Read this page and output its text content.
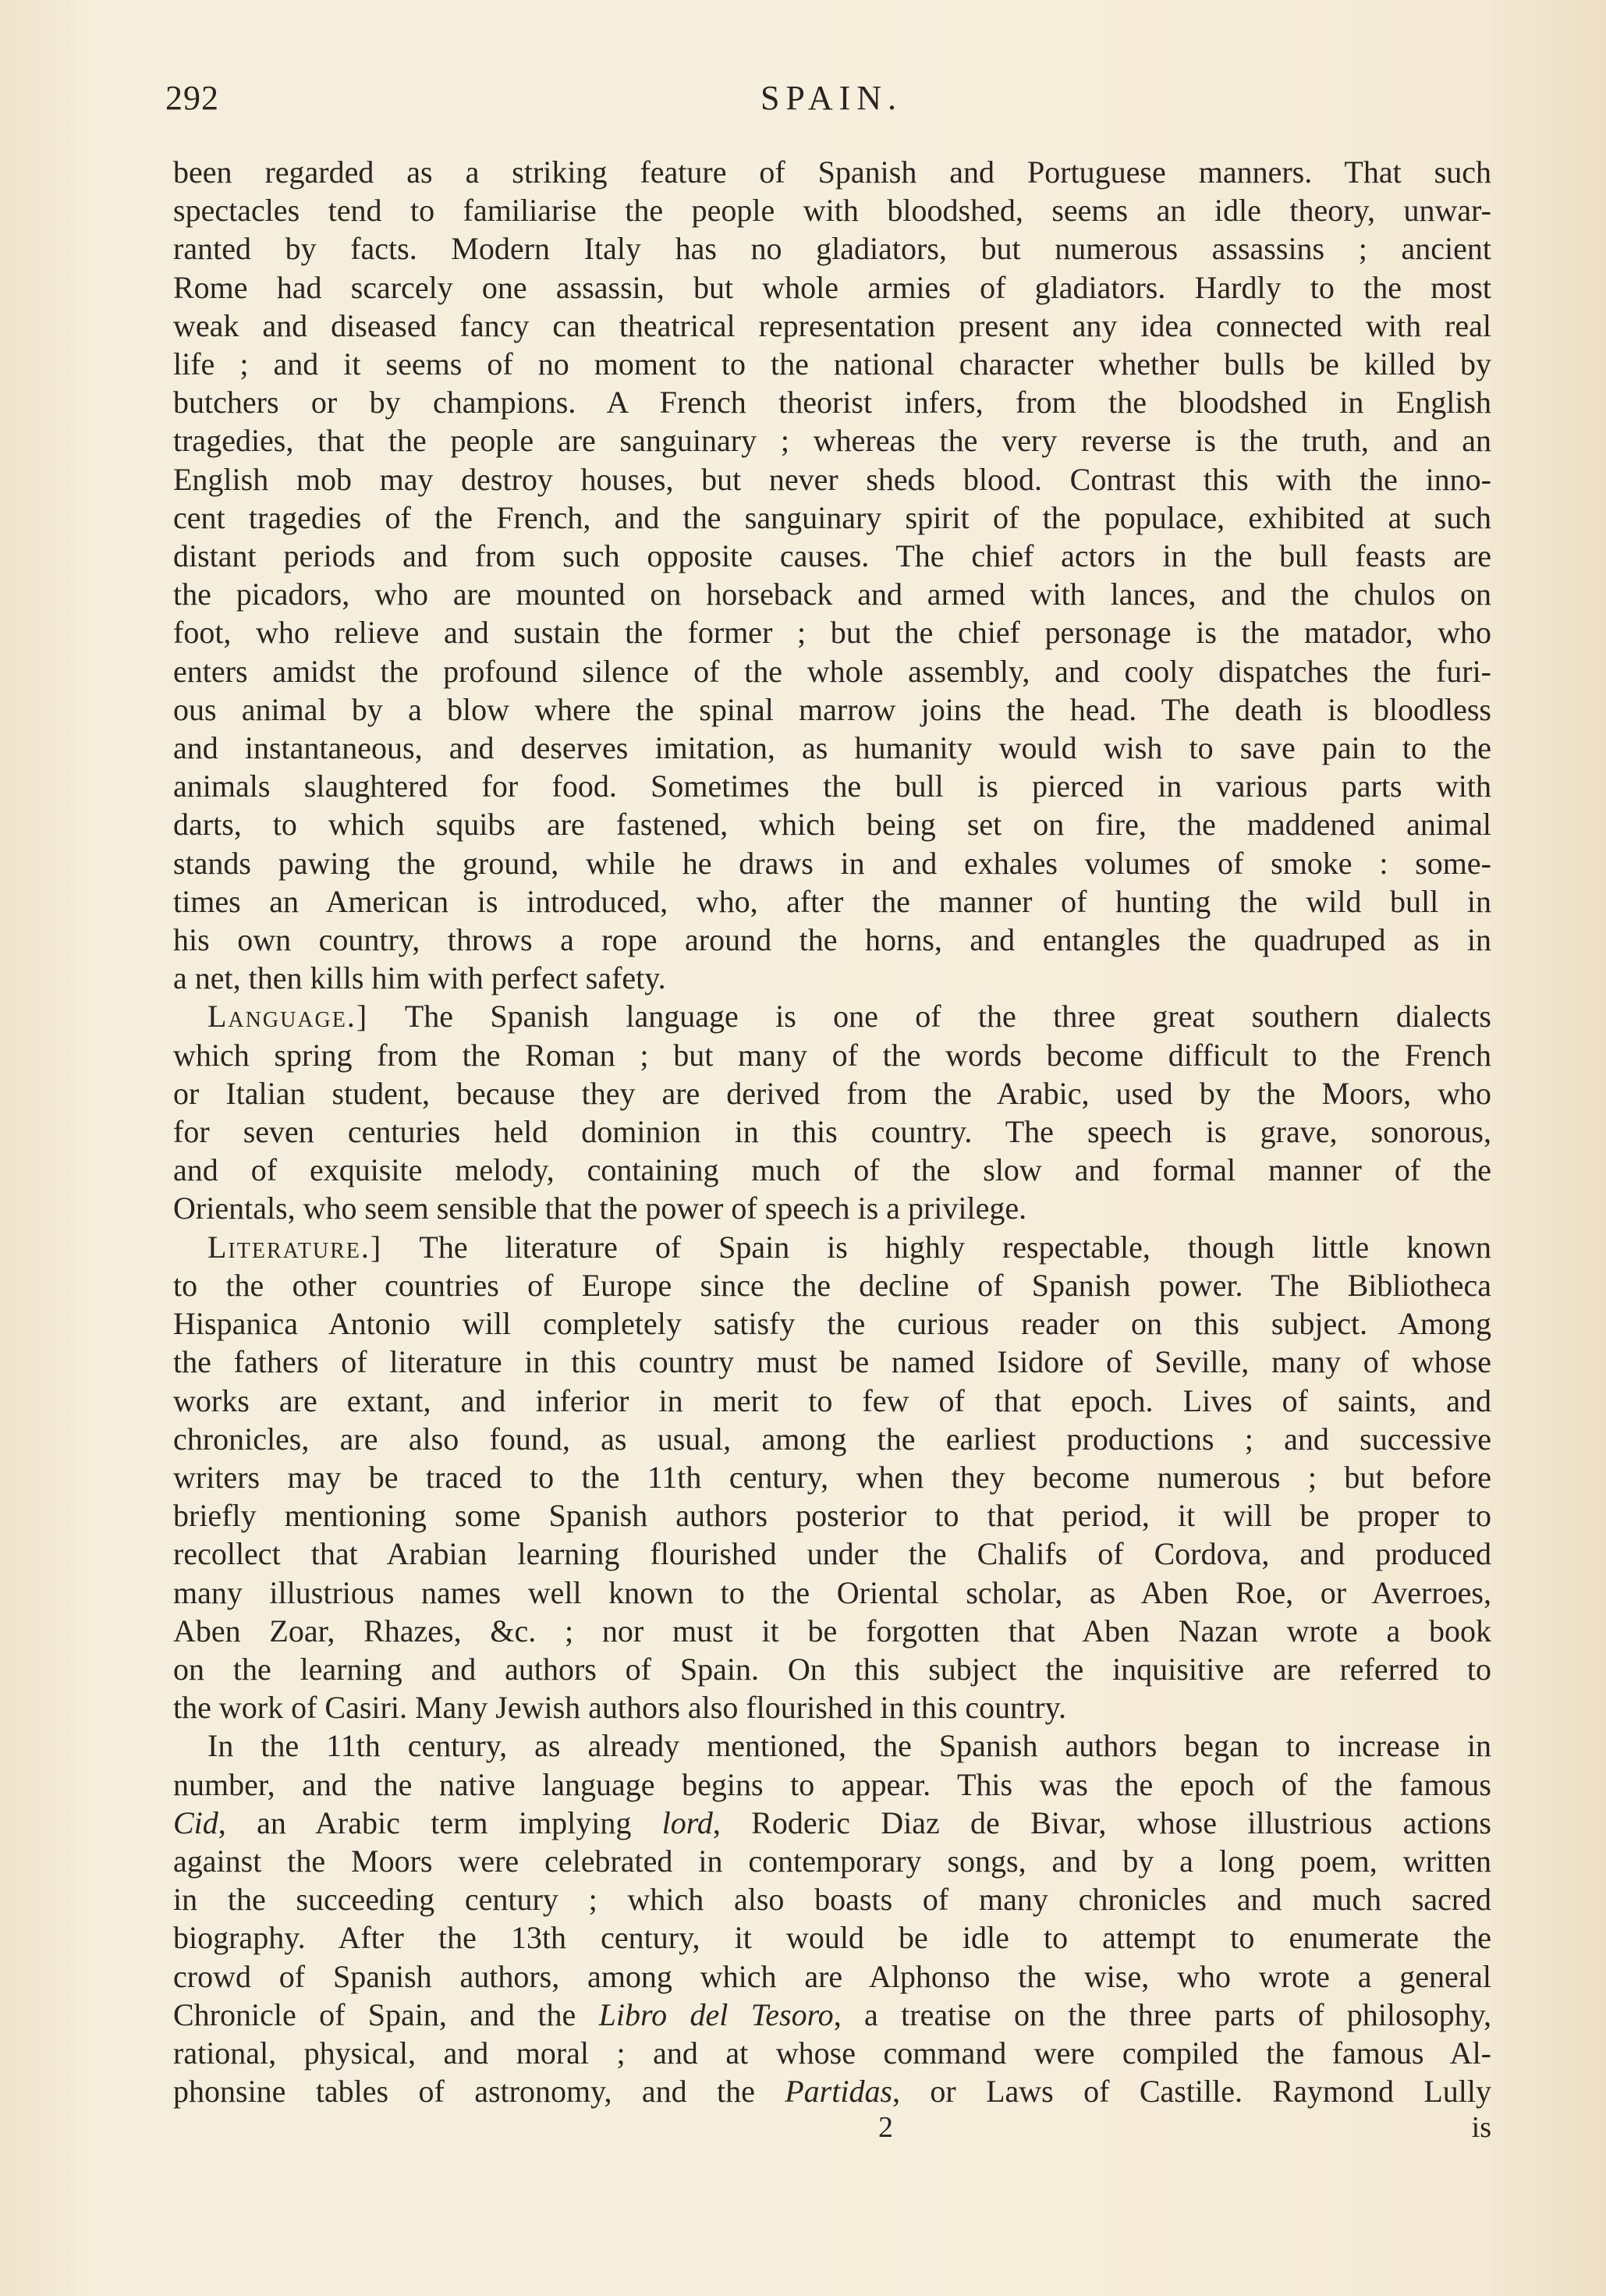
292	SPAIN.

been regarded as a striking feature of Spanish and Portuguese manners. That such

spectacles tend to familiarise the people with bloodshed, seems an idle theory, unwar-

ranted by facts. Modern Italy has no gladiators, but numerous assassins ; ancient

Rome had scarcely one assassin, but whole armies of gladiators. Hardly to the most

weak and diseased fancy can theatrical representation present any idea connected with real

life ; and it seems of no moment to the national character whether bulls be killed by

butchers or by champions. A French theorist infers, from the bloodshed in English

tragedies, that the people are sanguinary ; whereas the very reverse is the truth, and an

English mob may destroy houses, but never sheds blood. Contrast this with the inno-

cent tragedies of the French, and the sanguinary spirit of the populace, exhibited at such

distant periods and from such opposite causes. The chief actors in the bull feasts are

the picadors, who are mounted on horseback and armed with lances, and the chulos on

foot, who relieve and sustain the former ; but the chief personage is the matador, who

enters amidst the profound silence of the whole assembly, and cooly dispatches the furi-

ous animal by a blow where the spinal marrow joins the head. The death is bloodless

and instantaneous, and deserves imitation, as humanity would wish to save pain to the

animals slaughtered for food. Sometimes the bull is pierced in various parts with

darts, to which squibs are fastened, which being set on fire, the maddened animal

stands pawing the ground, while he draws in and exhales volumes of smoke : some-

times an American is introduced, who, after the manner of hunting the wild bull in

his own country, throws a rope around the horns, and entangles the quadruped as in

a net, then kills him with perfect safety.

Language.] The Spanish language is one of the three great southern dialects

which spring from the Roman ; but many of the words become difficult to the French

or Italian student, because they are derived from the Arabic, used by the Moors, who

for seven centuries held dominion in this country. The speech is grave, sonorous,

and of exquisite melody, containing much of the slow and formal manner of the

Orientals, who seem sensible that the power of speech is a privilege.

Literature.] The literature of Spain is highly respectable, though little known

to the other countries of Europe since the decline of Spanish power. The Bibliotheca

Hispanica Antonio will completely satisfy the curious reader on this subject. Among

the fathers of literature in this country must be named Isidore of Seville, many of whose

works are extant, and inferior in merit to few of that epoch. Lives of saints, and

chronicles, are also found, as usual, among the earliest productions ; and successive

writers may be traced to the 11th century, when they become numerous ; but before

briefly mentioning some Spanish authors posterior to that period, it will be proper to

recollect that Arabian learning flourished under the Chalifs of Cordova, and produced

many illustrious names well known to the Oriental scholar, as Aben Roe, or Averroes,

Aben Zoar, Rhazes, &c. ; nor must it be forgotten that Aben Nazan wrote a book

on the learning and authors of Spain. On this subject the inquisitive are referred to

the work of Casiri. Many Jewish authors also flourished in this country.

In the 11th century, as already mentioned, the Spanish authors began to increase in

number, and the native language begins to appear. This was the epoch of the famous

Cid, an Arabic term implying lord, Roderic Diaz de Bivar, whose illustrious actions

against the Moors were celebrated in contemporary songs, and by a long poem, written

in the succeeding century ; which also boasts of many chronicles and much sacred

biography. After the 13th century, it would be idle to attempt to enumerate the

crowd of Spanish authors, among which are Alphonso the wise, who wrote a general

Chronicle of Spain, and the Libro del Tesoro, a treatise on the three parts of philosophy,

rational, physical, and moral ; and at whose command were compiled the famous Al-

phonsine tables of astronomy, and the Partidas, or Laws of Castille. Raymond Lully

2	is
